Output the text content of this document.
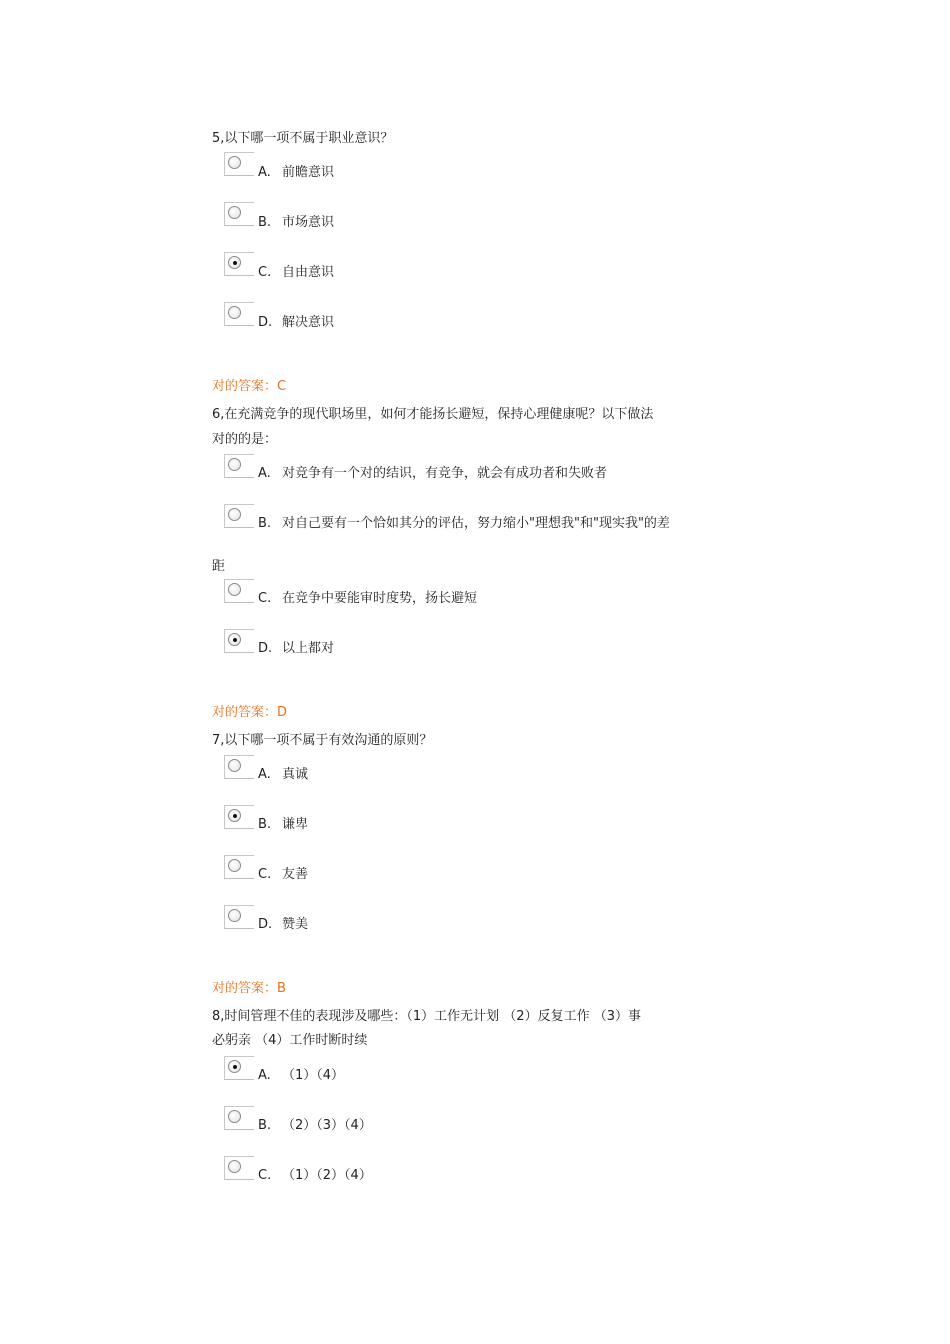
5,以下哪一项不属于职业意识？
A. 前瞻意识
B. 市场意识
C. 自由意识
D. 解决意识
对的答案：C
6,在充满竞争的现代职场里，如何才能扬长避短，保持心理健康呢？以下做法
对的的是：
A. 对竞争有一个对的结识，有竞争，就会有成功者和失败者
B. 对自己要有一个恰如其分的评估，努力缩小"理想我"和"现实我"的差
距
C. 在竞争中要能审时度势，扬长避短
D. 以上都对
对的答案：D
7,以下哪一项不属于有效沟通的原则？
A. 真诚
B. 谦卑
C. 友善
D. 赞美
对的答案：B
8,时间管理不佳的表现涉及哪些：（1）工作无计划 （2）反复工作 （3）事
必躬亲 （4）工作时断时续
A. （1）（4）
B. （2）（3）（4）
C. （1）（2）（4）
